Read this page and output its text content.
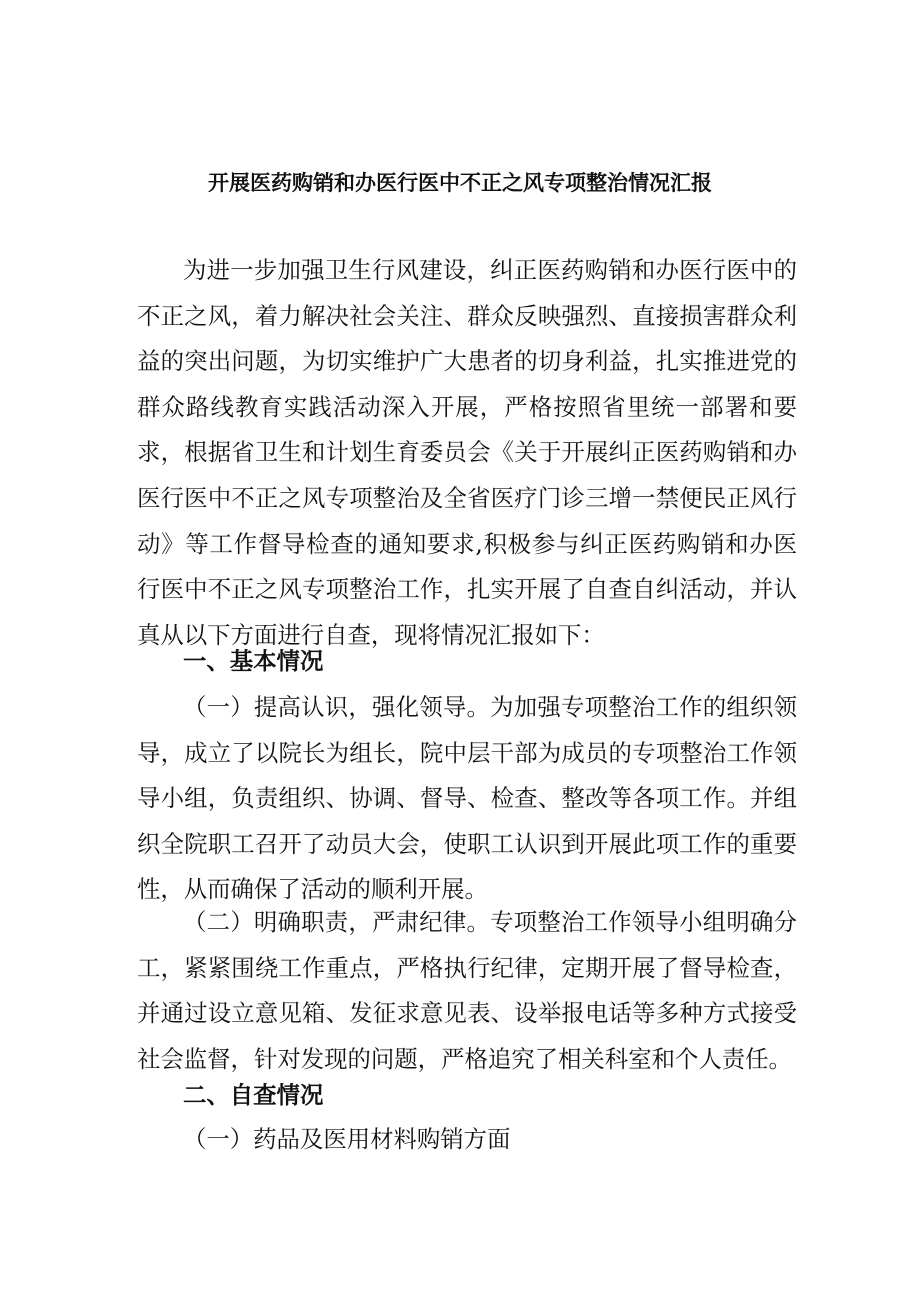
开展医药购销和办医行医中不正之风专项整治情况汇报

为进一步加强卫生行风建设，纠正医药购销和办医行医中的不正之风，着力解决社会关注、群众反映强烈、直接损害群众利益的突出问题，为切实维护广大患者的切身利益，扎实推进党的群众路线教育实践活动深入开展，严格按照省里统一部署和要求，根据省卫生和计划生育委员会《关于开展纠正医药购销和办医行医中不正之风专项整治及全省医疗门诊三增一禁便民正风行动》等工作督导检查的通知要求,积极参与纠正医药购销和办医行医中不正之风专项整治工作，扎实开展了自查自纠活动，并认真从以下方面进行自查，现将情况汇报如下：

一、基本情况

（一）提高认识，强化领导。为加强专项整治工作的组织领导，成立了以院长为组长，院中层干部为成员的专项整治工作领导小组，负责组织、协调、督导、检查、整改等各项工作。并组织全院职工召开了动员大会，使职工认识到开展此项工作的重要性，从而确保了活动的顺利开展。

（二）明确职责，严肃纪律。专项整治工作领导小组明确分工，紧紧围绕工作重点，严格执行纪律，定期开展了督导检查，并通过设立意见箱、发征求意见表、设举报电话等多种方式接受社会监督，针对发现的问题，严格追究了相关科室和个人责任。

二、自查情况
（一）药品及医用材料购销方面
